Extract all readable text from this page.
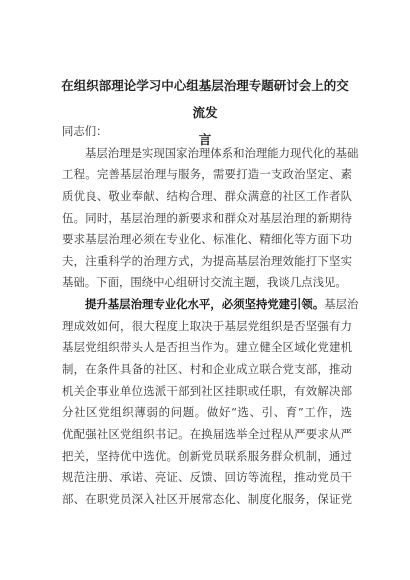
在组织部理论学习中心组基层治理专题研讨会上的交流发
言
同志们：
基层治理是实现国家治理体系和治理能力现代化的基础
工程。完善基层治理与服务，需要打造一支政治坚定、素
质优良、敬业奉献、结构合理、群众满意的社区工作者队
伍。同时，基层治理的新要求和群众对基层治理的新期待
要求基层治理必须在专业化、标准化、精细化等方面下功
夫，注重科学的治理方式，为提高基层治理效能打下坚实
基础。下面，围绕中心组研讨交流主题，我谈几点浅见。
提升基层治理专业化水平，必须坚持党建引领。基层治
理成效如何，很大程度上取决于基层党组织是否坚强有力
基层党组织带头人是否担当作为。建立健全区域化党建机
制，在条件具备的社区、村和企业成立联合党支部，推动
机关企事业单位选派干部到社区挂职或任职，有效解决部
分社区党组织薄弱的问题。做好“选、引、育”工作，选
优配强社区党组织书记。在换届选举全过程从严要求从严
把关，坚持优中选优。创新党员联系服务群众机制，通过
规范注册、承诺、亮证、反馈、回访等流程，推动党员干
部、在职党员深入社区开展常态化、制度化服务，保证党
